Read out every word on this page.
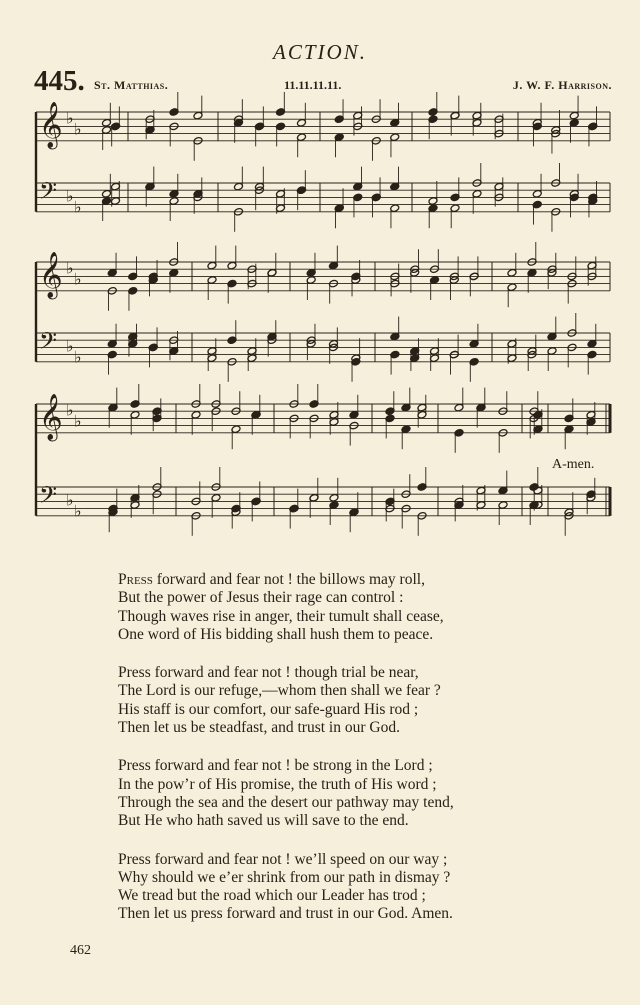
ACTION.
445. St. Matthias.	11.11.11.11.	J. W. F. Harrison.
𝄞 ♭
♭
𝄢 ♭
♭
𝄞 ♭
♭
𝄢 ♭
♭
𝄞 ♭
♭
𝄢 ♭
♭
A-men.
Press forward and fear not ! the billows may roll,
But the power of Jesus their rage can control :
Though waves rise in anger, their tumult shall cease,
One word of His bidding shall hush them to peace.
Press forward and fear not ! though trial be near,
The Lord is our refuge,—whom then shall we fear ?
His staff is our comfort, our safe-guard His rod ;
Then let us be steadfast, and trust in our God.
Press forward and fear not ! be strong in the Lord ;
In the pow’r of His promise, the truth of His word ;
Through the sea and the desert our pathway may tend,
But He who hath saved us will save to the end.
Press forward and fear not ! we’ll speed on our way ;
Why should we e’er shrink from our path in dismay ?
We tread but the road which our Leader has trod ;
Then let us press forward and trust in our God. Amen.
462
